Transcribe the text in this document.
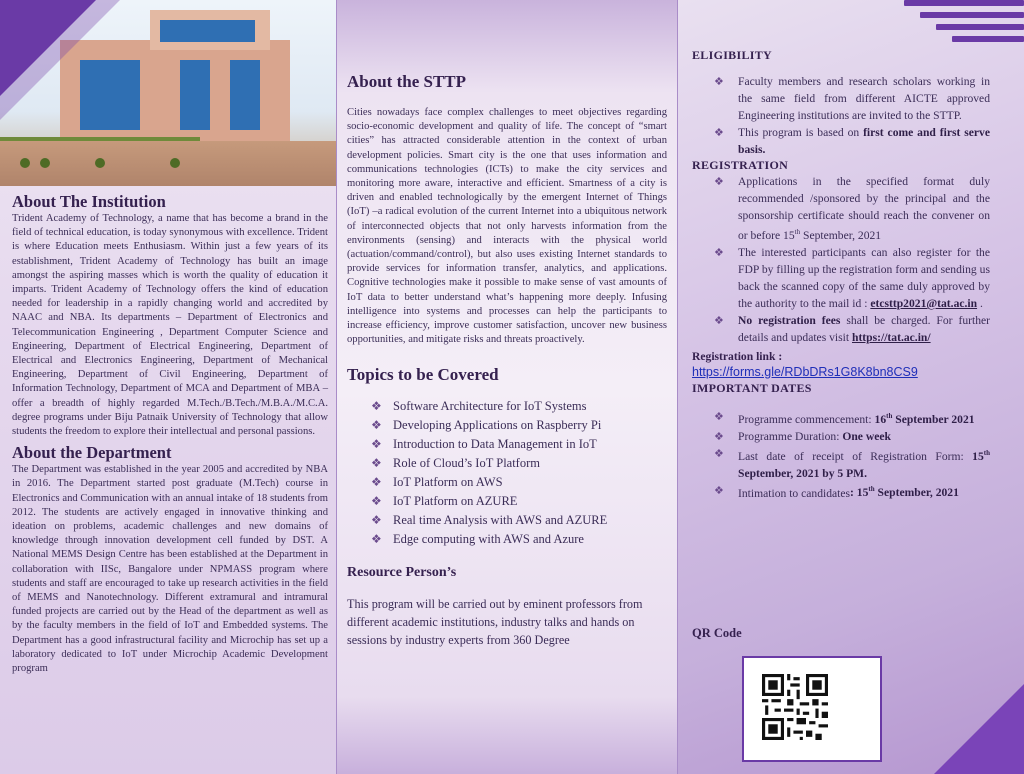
About The Institution

Trident Academy of Technology, a name that has become a brand in the field of technical education, is today synonymous with excellence. Trident is where Education meets Enthusiasm. Within just a few years of its establishment, Trident Academy of Technology has built an image amongst the aspiring masses which is worth the quality of education it imparts. Trident Academy of Technology offers the kind of education needed for leadership in a rapidly changing world and accredited by NAAC and NBA. Its departments – Department of Electronics and Telecommunication Engineering , Department Computer Science and Engineering, Department of Electrical Engineering, Department of Electrical and Electronics Engineering, Department of Mechanical Engineering, Department of Civil Engineering, Department of Information Technology, Department of MCA and Department of MBA – offer a breadth of highly regarded M.Tech./B.Tech./M.B.A./M.C.A. degree programs under Biju Patnaik University of Technology that allow students the freedom to explore their intellectual and personal passions.

About the Department

The Department was established in the year 2005 and accredited by NBA in 2016. The Department started post graduate (M.Tech) course in Electronics and Communication with an annual intake of 18 students from 2012. The students are actively engaged in innovative thinking and ideation on problems, academic challenges and new domains of knowledge through innovation development cell funded by DST. A National MEMS Design Centre has been established at the Department in collaboration with IISc, Bangalore under NPMASS program where students and staff are encouraged to take up research activities in the field of MEMS and Nanotechnology. Different extramural and intramural funded projects are carried out by the Head of the department as well as by the faculty members in the field of IoT and Embedded systems. The Department has a good infrastructural facility and Microchip has set up a laboratory dedicated to IoT under Microchip Academic Development program

About the STTP

Cities nowadays face complex challenges to meet objectives regarding socio-economic development and quality of life. The concept of “smart cities” has attracted considerable attention in the context of urban development policies. Smart city is the one that uses information and communications technologies (ICTs) to make the city services and monitoring more aware, interactive and efficient. Smartness of a city is driven and enabled technologically by the emergent Internet of Things (IoT) –a radical evolution of the current Internet into a ubiquitous network of interconnected objects that not only harvests information from the environments (sensing) and interacts with the physical world (actuation/command/control), but also uses existing Internet standards to provide services for information transfer, analytics, and applications. Cognitive technologies make it possible to make sense of vast amounts of IoT data to better understand what’s happening more deeply. Infusing intelligence into systems and processes can help the participants to increase efficiency, improve customer satisfaction, uncover new business opportunities, and mitigate risks and threats proactively.

Topics to be Covered
❖ Software Architecture for IoT Systems
❖ Developing Applications on Raspberry Pi
❖ Introduction to Data Management in IoT
❖ Role of Cloud’s IoT Platform
❖ IoT Platform on AWS
❖ IoT Platform on AZURE
❖ Real time Analysis with AWS and AZURE
❖ Edge computing with AWS and Azure
Resource Person’s

This program will be carried out by eminent professors from different academic institutions, industry talks and hands on sessions by industry experts from 360 Degree

ELIGIBILITY
❖ Faculty members and research scholars working in the same field from different AICTE approved Engineering institutions are invited to the STTP.
❖ This program is based on first come and first serve basis.
REGISTRATION
❖ Applications in the specified format duly recommended /sponsored by the principal and the sponsorship certificate should reach the convener on or before 15th September, 2021
❖ The interested participants can also register for the FDP by filling up the registration form and sending us back the scanned copy of the same duly approved by the authority to the mail id : etcsttp2021@tat.ac.in .
❖ No registration fees shall be charged. For further details and updates visit https://tat.ac.in/
Registration link :
https://forms.gle/RDbDRs1G8K8bn8CS9
IMPORTANT DATES
❖ Programme commencement: 16th September 2021
❖ Programme Duration: One week
❖ Last date of receipt of Registration Form: 15th September, 2021 by 5 PM.
❖ Intimation to candidates: 15th September, 2021
QR Code
